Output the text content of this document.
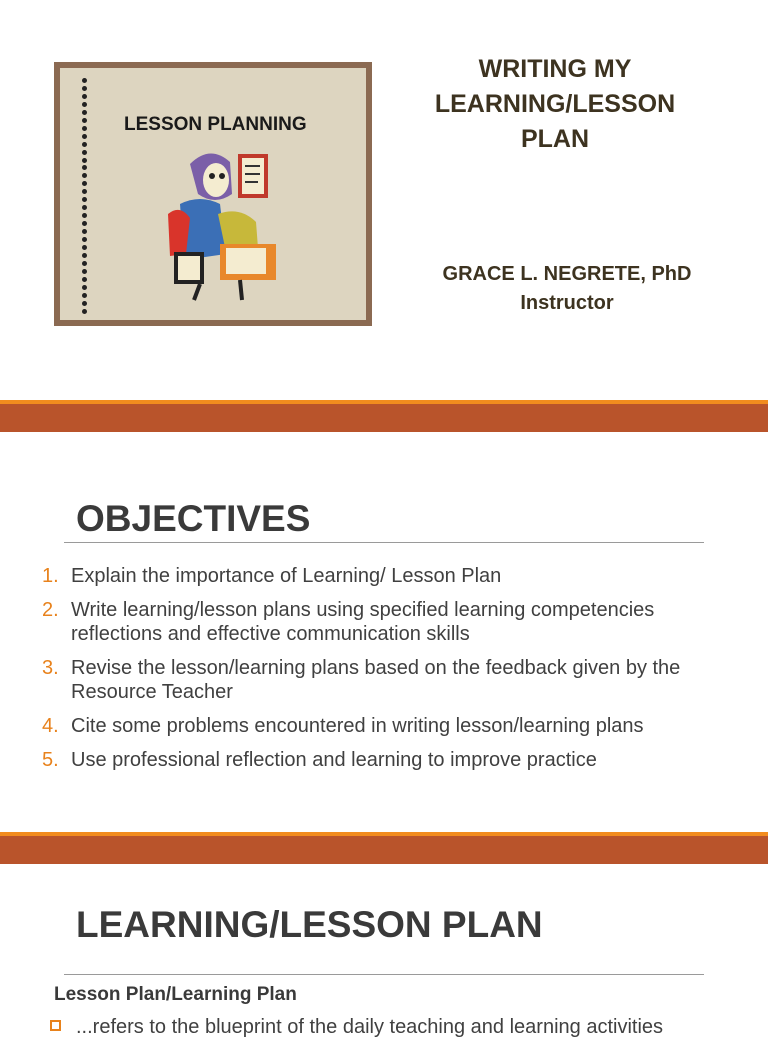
LESSON PLANNING
WRITING MY LEARNING/LESSON PLAN
GRACE L. NEGRETE, PhD
Instructor
OBJECTIVES
1. Explain the importance of Learning/ Lesson Plan
2. Write learning/lesson plans using specified learning competencies reflections and effective communication skills
3. Revise the lesson/learning plans based on the feedback given by the Resource Teacher
4. Cite some problems encountered in writing lesson/learning plans
5. Use professional reflection and learning to improve practice
LEARNING/LESSON PLAN
Lesson Plan/Learning Plan
...refers to the blueprint of the daily teaching and learning activities
